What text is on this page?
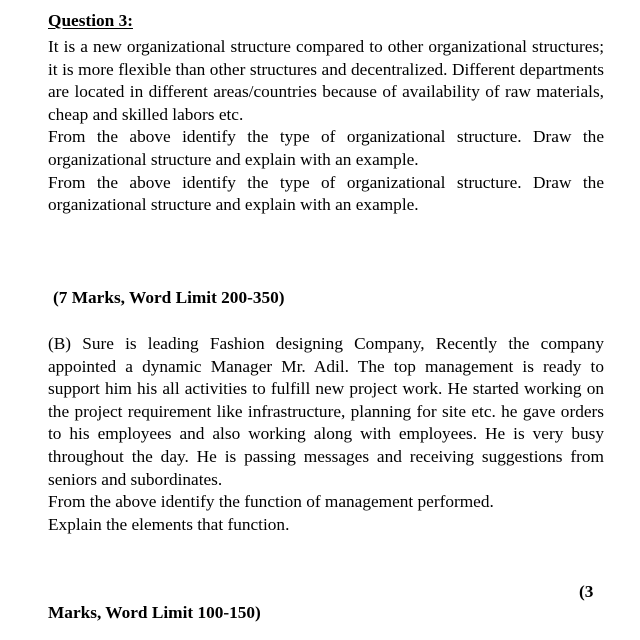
Question 3:

It is a new organizational structure compared to other organizational structures; it is more flexible than other structures and decentralized. Different departments are located in different areas/countries because of availability of raw materials, cheap and skilled labors etc.

From the above identify the type of organizational structure. Draw the organizational structure and explain with an example.

From the above identify the type of organizational structure. Draw the organizational structure and explain with an example.

(7 Marks, Word Limit 200-350)

(B) Sure is leading Fashion designing Company, Recently the company appointed a dynamic Manager Mr. Adil. The top management is ready to support him his all activities to fulfill new project work. He started working on the project requirement like infrastructure, planning for site etc. he gave orders to his employees and also working along with employees. He is very busy throughout the day. He is passing messages and receiving suggestions from seniors and subordinates.

From the above identify the function of management performed.

Explain the elements that function.

(3
Marks, Word Limit 100-150)
